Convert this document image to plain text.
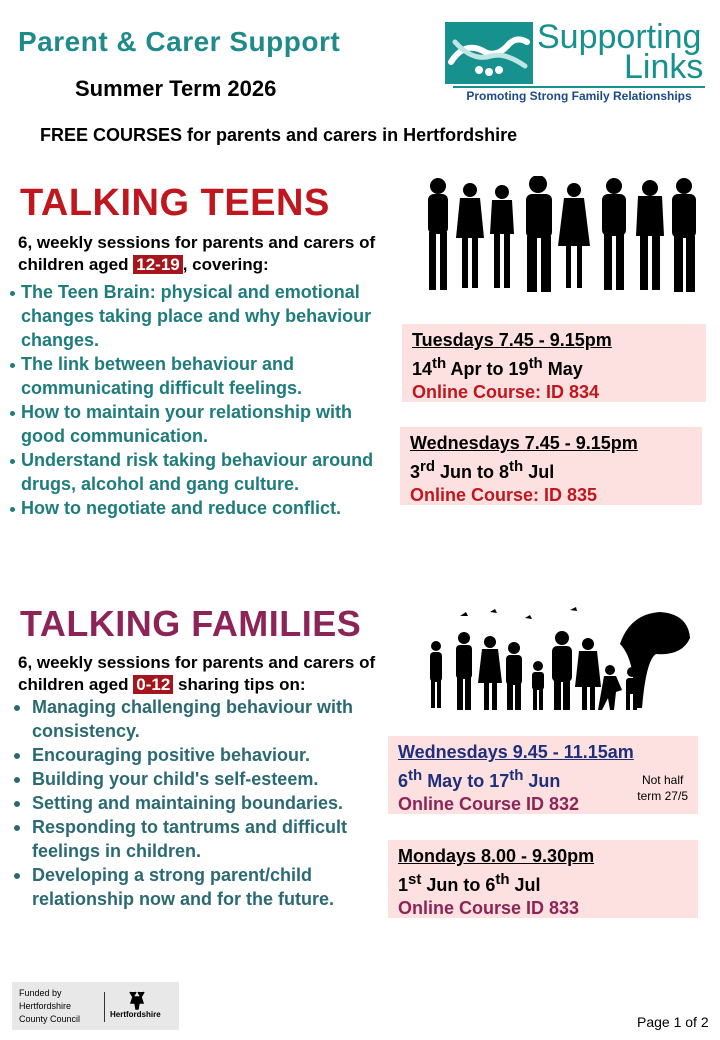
Parent & Carer Support
Summer Term 2026
FREE COURSES for parents and carers in Hertfordshire
Supporting
Links
Promoting Strong Family Relationships
TALKING TEENS
6, weekly sessions for parents and carers of children aged 12-19 , covering:
The Teen Brain: physical and emotional changes taking place and why behaviour changes.
The link between behaviour and communicating difficult feelings.
How to maintain your relationship with good communication.
Understand risk taking behaviour around drugs, alcohol and gang culture.
How to negotiate and reduce conflict.
Tuesdays 7.45 - 9.15pm
14th Apr to 19th May
Online Course: ID 834
Wednesdays 7.45 - 9.15pm
3rd Jun to 8th Jul
Online Course: ID 835
TALKING FAMILIES
6, weekly sessions for parents and carers of children aged 0-12 sharing tips on:
Managing challenging behaviour with consistency.
Encouraging positive behaviour.
Building your child's self-esteem.
Setting and maintaining boundaries.
Responding to tantrums and difficult feelings in children.
Developing a strong parent/child relationship now and for the future.
Wednesdays 9.45 - 11.15am
6th May to 17th Jun
Online Course ID 832
Not half
term 27/5
Mondays 8.00 - 9.30pm
1st Jun to 6th Jul
Online Course ID 833
Funded by
Hertfordshire
County Council	Hertfordshire	Page 1 of 2
